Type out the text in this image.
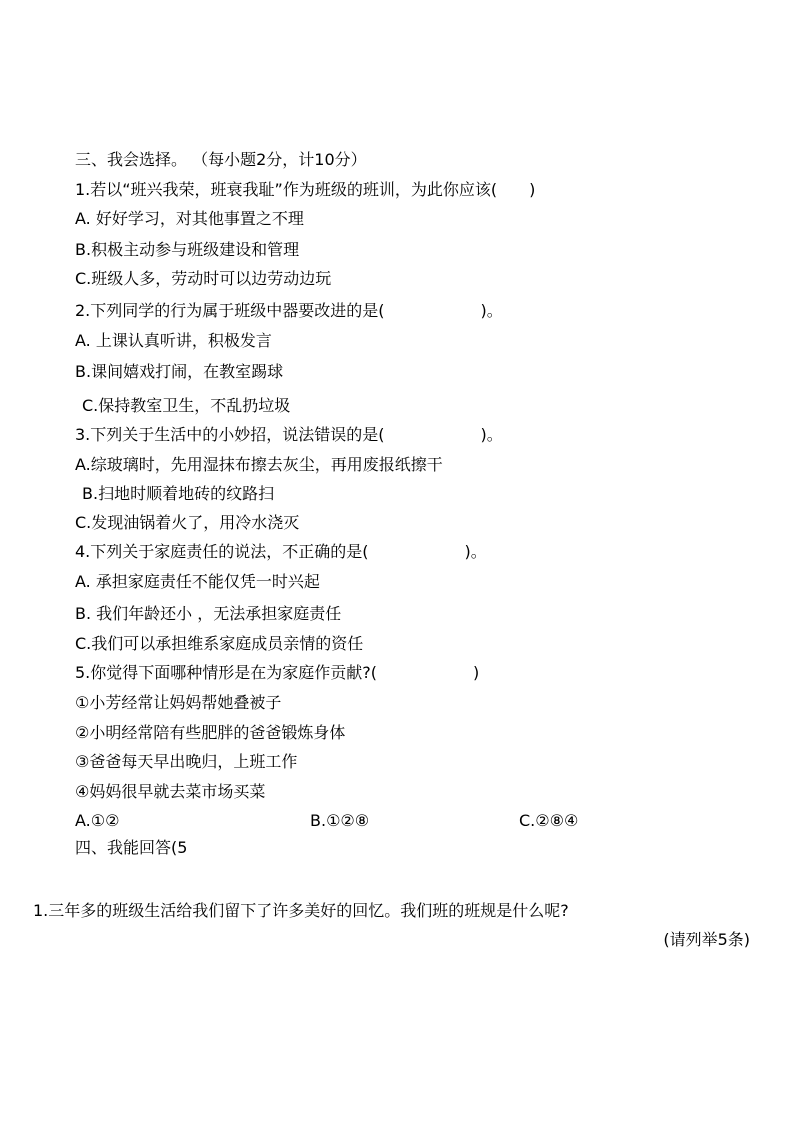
三、我会选择。 （每小题2分，计10分）
1.若以“班兴我荣，班衰我耻”作为班级的班训，为此你应该(　　)
A. 好好学习，对其他事置之不理
B.积极主动参与班级建设和管理
C.班级人多，劳动时可以边劳动边玩
2.下列同学的行为属于班级中器要改进的是(　　　　　　)。
A. 上课认真听讲，积极发言
B.课间嬉戏打闹，在教室踢球
C.保持教室卫生，不乱扔垃圾
3.下列关于生活中的小妙招，说法错误的是(　　　　　　)。
A.综玻璃时，先用湿抹布擦去灰尘，再用废报纸擦干
B.扫地时顺着地砖的纹路扫
C.发现油锅着火了，用冷水浇灭
4.下列关于家庭责任的说法，不正确的是(　　　　　　)。
A. 承担家庭责任不能仅凭一时兴起
B. 我们年龄还小 ，无法承担家庭责任
C.我们可以承担维系家庭成员亲情的资任
5.你觉得下面哪种情形是在为家庭作贡献?(　　　　　　)
①小芳经常让妈妈帮她叠被子
②小明经常陪有些肥胖的爸爸锻炼身体
③爸爸每天早出晚归，上班工作
④妈妈很早就去菜市场买菜
A.①②	B.①②⑧	C.②⑧④
四、我能回答(5
1.三年多的班级生活给我们留下了许多美好的回忆。我们班的班规是什么呢?
(请列举5条)
